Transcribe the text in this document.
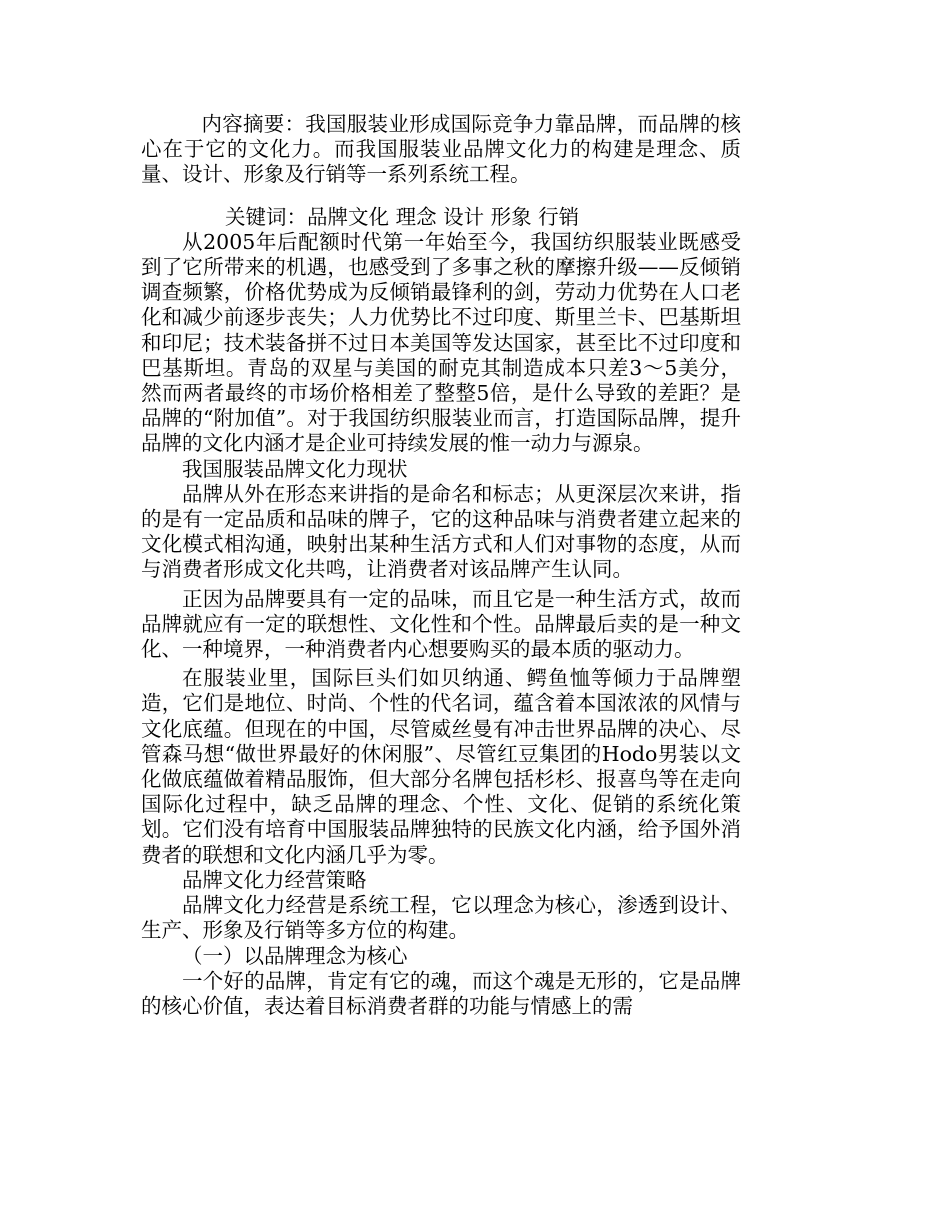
内容摘要：我国服装业形成国际竞争力靠品牌，而品牌的核心在于它的文化力。而我国服装业品牌文化力的构建是理念、质量、设计、形象及行销等一系列系统工程。

关键词：品牌文化 理念 设计 形象 行销

从2005年后配额时代第一年始至今，我国纺织服装业既感受到了它所带来的机遇，也感受到了多事之秋的摩擦升级——反倾销调查频繁，价格优势成为反倾销最锋利的剑，劳动力优势在人口老化和减少前逐步丧失；人力优势比不过印度、斯里兰卡、巴基斯坦和印尼；技术装备拼不过日本美国等发达国家，甚至比不过印度和巴基斯坦。青岛的双星与美国的耐克其制造成本只差3～5美分，然而两者最终的市场价格相差了整整5倍，是什么导致的差距？是品牌的“附加值”。对于我国纺织服装业而言，打造国际品牌，提升品牌的文化内涵才是企业可持续发展的惟一动力与源泉。

我国服装品牌文化力现状

品牌从外在形态来讲指的是命名和标志；从更深层次来讲，指的是有一定品质和品味的牌子，它的这种品味与消费者建立起来的文化模式相沟通，映射出某种生活方式和人们对事物的态度，从而与消费者形成文化共鸣，让消费者对该品牌产生认同。

正因为品牌要具有一定的品味，而且它是一种生活方式，故而品牌就应有一定的联想性、文化性和个性。品牌最后卖的是一种文化、一种境界，一种消费者内心想要购买的最本质的驱动力。

在服装业里，国际巨头们如贝纳通、鳄鱼恤等倾力于品牌塑造，它们是地位、时尚、个性的代名词，蕴含着本国浓浓的风情与文化底蕴。但现在的中国，尽管威丝曼有冲击世界品牌的决心、尽管森马想“做世界最好的休闲服”、尽管红豆集团的Hodo男装以文化做底蕴做着精品服饰，但大部分名牌包括杉杉、报喜鸟等在走向国际化过程中，缺乏品牌的理念、个性、文化、促销的系统化策划。它们没有培育中国服装品牌独特的民族文化内涵，给予国外消费者的联想和文化内涵几乎为零。

品牌文化力经营策略

品牌文化力经营是系统工程，它以理念为核心，渗透到设计、生产、形象及行销等多方位的构建。

（一）以品牌理念为核心

一个好的品牌，肯定有它的魂，而这个魂是无形的，它是品牌的核心价值，表达着目标消费者群的功能与情感上的需
